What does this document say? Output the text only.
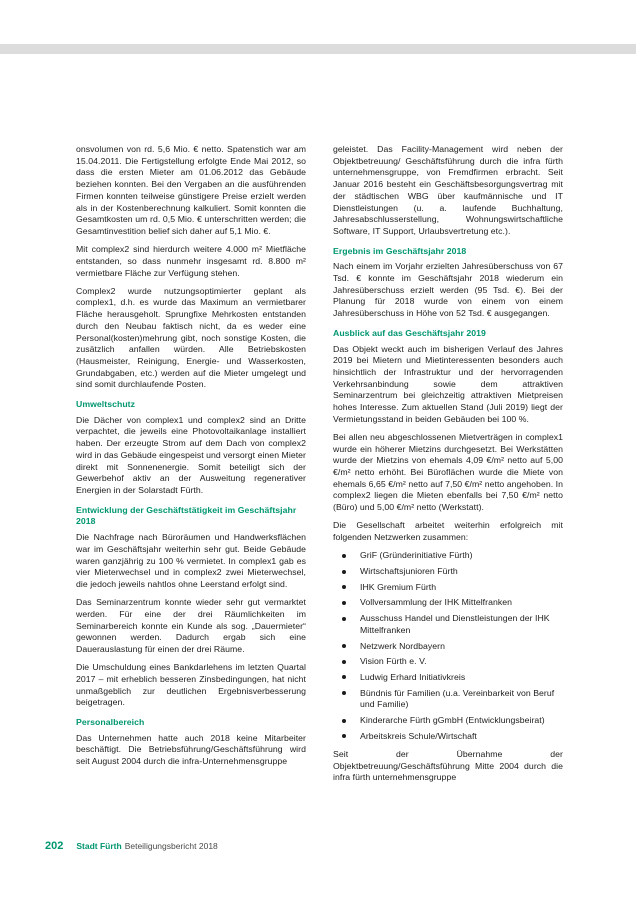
onsvolumen von rd. 5,6 Mio. € netto. Spatenstich war am 15.04.2011. Die Fertigstellung erfolgte Ende Mai 2012, so dass die ersten Mieter am 01.06.2012 das Gebäude beziehen konnten. Bei den Vergaben an die ausführenden Firmen konnten teilweise günstigere Preise erzielt werden als in der Kostenberechnung kalkuliert. Somit konnten die Gesamtkosten um rd. 0,5 Mio. € unterschritten werden; die Gesamtinvestition belief sich daher auf 5,1 Mio. €.

Mit complex2 sind hierdurch weitere 4.000 m² Mietfläche entstanden, so dass nunmehr insgesamt rd. 8.800 m² vermietbare Fläche zur Verfügung stehen.

Complex2 wurde nutzungsoptimierter geplant als complex1, d.h. es wurde das Maximum an vermietbarer Fläche herausgeholt. Sprungfixe Mehrkosten entstanden durch den Neubau faktisch nicht, da es weder eine Personal(kosten)mehrung gibt, noch sonstige Kosten, die zusätzlich anfallen würden. Alle Betriebskosten (Hausmeister, Reinigung, Energie- und Wasserkosten, Grundabgaben, etc.) werden auf die Mieter umgelegt und sind somit durchlaufende Posten.

Umweltschutz

Die Dächer von complex1 und complex2 sind an Dritte verpachtet, die jeweils eine Photovoltaikanlage installiert haben. Der erzeugte Strom auf dem Dach von complex2 wird in das Gebäude eingespeist und versorgt einen Mieter direkt mit Sonnenenergie. Somit beteiligt sich der Gewerbehof aktiv an der Ausweitung regenerativer Energien in der Solarstadt Fürth.

Entwicklung der Geschäftstätigkeit im Geschäftsjahr 2018

Die Nachfrage nach Büroräumen und Handwerksflächen war im Geschäftsjahr weiterhin sehr gut. Beide Gebäude waren ganzjährig zu 100 % vermietet. In complex1 gab es vier Mieterwechsel und in complex2 zwei Mieterwechsel, die jedoch jeweils nahtlos ohne Leerstand erfolgt sind.

Das Seminarzentrum konnte wieder sehr gut vermarktet werden. Für eine der drei Räumlichkeiten im Seminarbereich konnte ein Kunde als sog. „Dauermieter“ gewonnen werden. Dadurch ergab sich eine Dauerauslastung für einen der drei Räume.

Die Umschuldung eines Bankdarlehens im letzten Quartal 2017 – mit erheblich besseren Zinsbedingungen, hat nicht unmaßgeblich zur deutlichen Ergebnisverbesserung beigetragen.

Personalbereich

Das Unternehmen hatte auch 2018 keine Mitarbeiter beschäftigt. Die Betriebsführung/Geschäftsführung wird seit August 2004 durch die infra-Unternehmensgruppe

geleistet. Das Facility-Management wird neben der Objektbetreuung/ Geschäftsführung durch die infra fürth unternehmensgruppe, von Fremdfirmen erbracht. Seit Januar 2016 besteht ein Geschäftsbesorgungsvertrag mit der städtischen WBG über kaufmännische und IT Dienstleistungen (u. a. laufende Buchhaltung, Jahresabschlusserstellung, Wohnungswirtschaftliche Software, IT Support, Urlaubsvertretung etc.).

Ergebnis im Geschäftsjahr 2018

Nach einem im Vorjahr erzielten Jahresüberschuss von 67 Tsd. € konnte im Geschäftsjahr 2018 wiederum ein Jahresüberschuss erzielt werden (95 Tsd. €). Bei der Planung für 2018 wurde von einem von einem Jahresüberschuss in Höhe von 52 Tsd. € ausgegangen.

Ausblick auf das Geschäftsjahr 2019

Das Objekt weckt auch im bisherigen Verlauf des Jahres 2019 bei Mietern und Mietinteressenten besonders auch hinsichtlich der Infrastruktur und der hervorragenden Verkehrsanbindung sowie dem attraktiven Seminarzentrum bei gleichzeitig attraktiven Mietpreisen hohes Interesse. Zum aktuellen Stand (Juli 2019) liegt der Vermietungsstand in beiden Gebäuden bei 100 %.

Bei allen neu abgeschlossenen Mietverträgen in complex1 wurde ein höherer Mietzins durchgesetzt. Bei Werkstätten wurde der Mietzins von ehemals 4,09 €/m² netto auf 5,00 €/m² netto erhöht. Bei Büroflächen wurde die Miete von ehemals 6,65 €/m² netto auf 7,50 €/m² netto angehoben. In complex2 liegen die Mieten ebenfalls bei 7,50 €/m² netto (Büro) und 5,00 €/m² netto (Werkstatt).

Die Gesellschaft arbeitet weiterhin erfolgreich mit folgenden Netzwerken zusammen:

GriF (Gründerinitiative Fürth)
Wirtschaftsjunioren Fürth
IHK Gremium Fürth
Vollversammlung der IHK Mittelfranken
Ausschuss Handel und Dienstleistungen der IHK Mittelfranken
Netzwerk Nordbayern
Vision Fürth e. V.
Ludwig Erhard Initiativkreis
Bündnis für Familien (u.a. Vereinbarkeit von Beruf und Familie)
Kinderarche Fürth gGmbH (Entwicklungsbeirat)
Arbeitskreis Schule/Wirtschaft

Seit der Übernahme der Objektbetreuung/Geschäftsführung Mitte 2004 durch die infra fürth unternehmensgruppe

202 Stadt Fürth Beteiligungsbericht 2018
